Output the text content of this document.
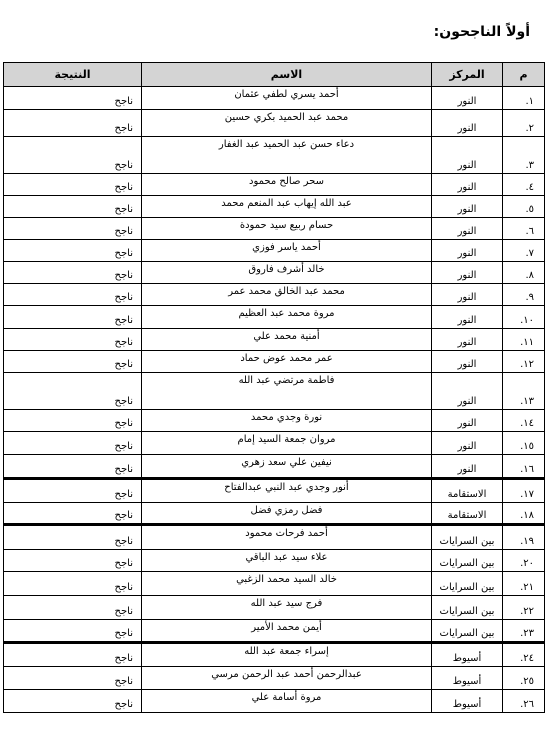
أولاً الناجحون:
م	المركز	الاسم	النتيجة
١.	النور	أحمد يسري لطفي عثمان	ناجح
٢.	النور	محمد عبد الحميد بكري حسين	ناجح
٣.	النور	دعاء حسن عبد الحميد عبد الغفار	ناجح
٤.	النور	سحر صالح محمود	ناجح
٥.	النور	عبد الله إيهاب عبد المنعم محمد	ناجح
٦.	النور	حسام ربيع سيد حمودة	ناجح
٧.	النور	أحمد ياسر فوزي	ناجح
٨.	النور	خالد أشرف فاروق	ناجح
٩.	النور	محمد عبد الخالق محمد عمر	ناجح
١٠.	النور	مروة محمد عبد العظيم	ناجح
١١.	النور	أمنية محمد علي	ناجح
١٢.	النور	عمر محمد عوض حماد	ناجح
١٣.	النور	فاطمة مرتضي عبد الله	ناجح
١٤.	النور	نورة وجدي محمد	ناجح
١٥.	النور	مروان جمعة السيد إمام	ناجح
١٦.	النور	نيفين علي سعد زهري	ناجح
١٧.	الاستقامة	أنور وجدي عبد النبي عبدالفتاح	ناجح
١٨.	الاستقامة	فضل رمزي فضل	ناجح
١٩.	بين السرايات	أحمد فرحات محمود	ناجح
٢٠.	بين السرايات	علاء سيد عبد الباقي	ناجح
٢١.	بين السرايات	خالد السيد محمد الزغبي	ناجح
٢٢.	بين السرايات	فرج سيد عبد الله	ناجح
٢٣.	بين السرايات	أيمن محمد الأمير	ناجح
٢٤.	أسيوط	إسراء جمعة عبد الله	ناجح
٢٥.	أسيوط	عبدالرحمن أحمد عبد الرحمن مرسي	ناجح
٢٦.	أسيوط	مروة أسامة علي	ناجح
